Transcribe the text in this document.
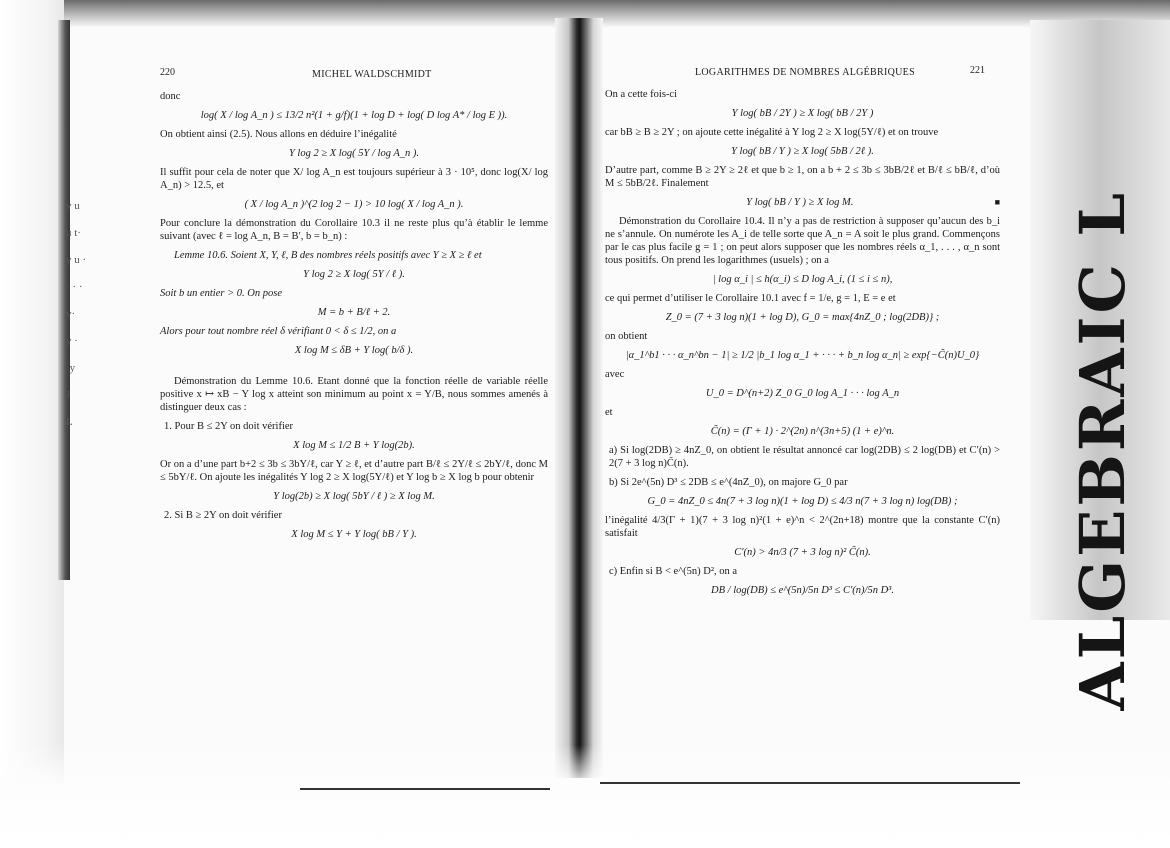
ALGEBRAIC L
v u
u t·
y u ·
· · ·
y·
y ·
·y
J
L
220	MICHEL WALDSCHMIDT

donc

log( X / log A_n ) ≤ 13/2 n²(1 + g/f)(1 + log D + log( D log A* / log E )).

On obtient ainsi (2.5). Nous allons en déduire l’inégalité

Y log 2 ≥ X log( 5Y / log A_n ).

Il suffit pour cela de noter que X/ log A_n est toujours supérieur à 3 · 10⁵, donc log(X/ log A_n) > 12.5, et

( X / log A_n )^(2 log 2 − 1) > 10 log( X / log A_n ).

Pour conclure la démonstration du Corollaire 10.3 il ne reste plus qu’à établir le lemme suivant (avec ℓ = log A_n, B = B′, b = b_n) :

Lemme 10.6. Soient X, Y, ℓ, B des nombres réels positifs avec Y ≥ X ≥ ℓ et

Y log 2 ≥ X log( 5Y / ℓ ).

Soit b un entier > 0. On pose

M = b + B/ℓ + 2.

Alors pour tout nombre réel δ vérifiant 0 < δ ≤ 1/2, on a

X log M ≤ δB + Y log( b/δ ).

Démonstration du Lemme 10.6. Etant donné que la fonction réelle de variable réelle positive x ↦ xB − Y log x atteint son minimum au point x = Y/B, nous sommes amenés à distinguer deux cas :

1. Pour B ≤ 2Y on doit vérifier

X log M ≤ 1/2 B + Y log(2b).

Or on a d’une part b+2 ≤ 3b ≤ 3bY/ℓ, car Y ≥ ℓ, et d’autre part B/ℓ ≤ 2Y/ℓ ≤ 2bY/ℓ, donc M ≤ 5bY/ℓ. On ajoute les inégalités Y log 2 ≥ X log(5Y/ℓ) et Y log b ≥ X log b pour obtenir

Y log(2b) ≥ X log( 5bY / ℓ ) ≥ X log M.

2. Si B ≥ 2Y on doit vérifier

X log M ≤ Y + Y log( bB / Y ).
LOGARITHMES DE NOMBRES ALGÉBRIQUES	221

On a cette fois-ci

Y log( bB / 2Y ) ≥ X log( bB / 2Y )

car bB ≥ B ≥ 2Y ; on ajoute cette inégalité à Y log 2 ≥ X log(5Y/ℓ) et on trouve

Y log( bB / Y ) ≥ X log( 5bB / 2ℓ ).

D’autre part, comme B ≥ 2Y ≥ 2ℓ et que b ≥ 1, on a b + 2 ≤ 3b ≤ 3bB/2ℓ et B/ℓ ≤ bB/ℓ, d’où M ≤ 5bB/2ℓ. Finalement

Y log( bB / Y ) ≥ X log M.	■

Démonstration du Corollaire 10.4. Il n’y a pas de restriction à supposer qu’aucun des b_i ne s’annule. On numérote les A_i de telle sorte que A_n = A soit le plus grand. Commençons par le cas plus facile g = 1 ; on peut alors supposer que les nombres réels α_1, . . . , α_n sont tous positifs. On prend les logarithmes (usuels) ; on a

| log α_i | ≤ h(α_i) ≤ D log A_i, (1 ≤ i ≤ n),

ce qui permet d’utiliser le Corollaire 10.1 avec f = 1/e, g = 1, E = e et

Z_0 = (7 + 3 log n)(1 + log D), G_0 = max{4nZ_0 ; log(2DB)} ;

on obtient

|α_1^b1 · · · α_n^bn − 1| ≥ 1/2 |b_1 log α_1 + · · · + b_n log α_n| ≥ exp{−C̃(n)U_0}

avec

U_0 = D^(n+2) Z_0 G_0 log A_1 · · · log A_n

et

C̃(n) = (Γ + 1) · 2^(2n) n^(3n+5) (1 + e)^n.

a) Si log(2DB) ≥ 4nZ_0, on obtient le résultat annoncé car log(2DB) ≤ 2 log(DB) et C′(n) > 2(7 + 3 log n)C̃(n).

b) Si 2e^(5n) D³ ≤ 2DB ≤ e^(4nZ_0), on majore G_0 par

G_0 = 4nZ_0 ≤ 4n(7 + 3 log n)(1 + log D) ≤ 4/3 n(7 + 3 log n) log(DB) ;

l’inégalité 4/3(Γ + 1)(7 + 3 log n)²(1 + e)^n < 2^(2n+18) montre que la constante C′(n) satisfait

C′(n) > 4n/3 (7 + 3 log n)² C̃(n).

c) Enfin si B < e^(5n) D², on a

DB / log(DB) ≤ e^(5n)/5n D³ ≤ C′(n)/5n D³.
